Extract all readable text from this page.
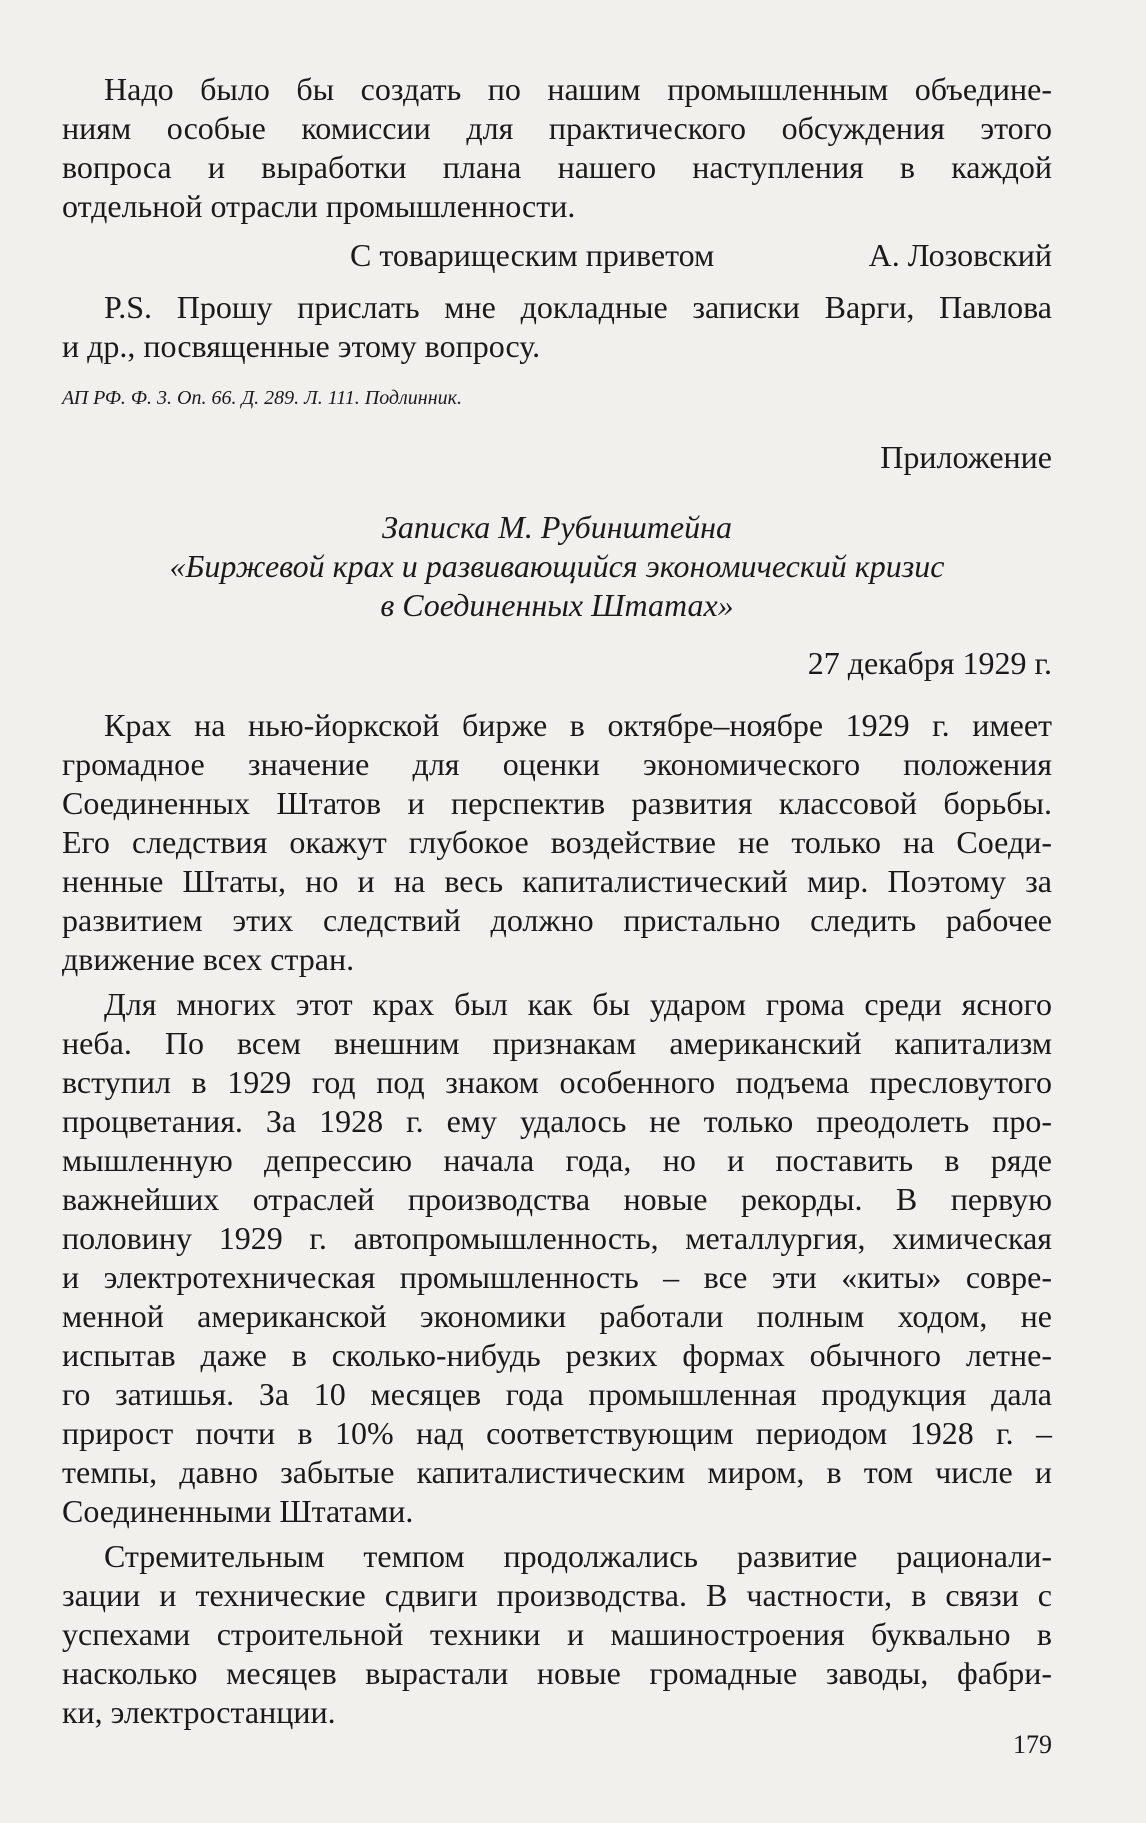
Надо было бы создать по нашим промышленным объедине-
ниям особые комиссии для практического обсуждения этого
вопроса и выработки плана нашего наступления в каждой
отдельной отрасли промышленности.
С товарищеским приветом	А. Лозовский
P.S. Прошу прислать мне докладные записки Варги, Павлова
и др., посвященные этому вопросу.
АП РФ. Ф. 3. Оп. 66. Д. 289. Л. 111. Подлинник.
Приложение
Записка М. Рубинштейна
«Биржевой крах и развивающийся экономический кризис
в Соединенных Штатах»
27 декабря 1929 г.
Крах на нью-йоркской бирже в октябре–ноябре 1929 г. имеет
громадное значение для оценки экономического положения
Соединенных Штатов и перспектив развития классовой борьбы.
Его следствия окажут глубокое воздействие не только на Соеди-
ненные Штаты, но и на весь капиталистический мир. Поэтому за
развитием этих следствий должно пристально следить рабочее
движение всех стран.
Для многих этот крах был как бы ударом грома среди ясного
неба. По всем внешним признакам американский капитализм
вступил в 1929 год под знаком особенного подъема пресловутого
процветания. За 1928 г. ему удалось не только преодолеть про-
мышленную депрессию начала года, но и поставить в ряде
важнейших отраслей производства новые рекорды. В первую
половину 1929 г. автопромышленность, металлургия, химическая
и электротехническая промышленность – все эти «киты» совре-
менной американской экономики работали полным ходом, не
испытав даже в сколько-нибудь резких формах обычного летне-
го затишья. За 10 месяцев года промышленная продукция дала
прирост почти в 10% над соответствующим периодом 1928 г. –
темпы, давно забытые капиталистическим миром, в том числе и
Соединенными Штатами.
Стремительным темпом продолжались развитие рационали-
зации и технические сдвиги производства. В частности, в связи с
успехами строительной техники и машиностроения буквально в
насколько месяцев вырастали новые громадные заводы, фабри-
ки, электростанции.
179
